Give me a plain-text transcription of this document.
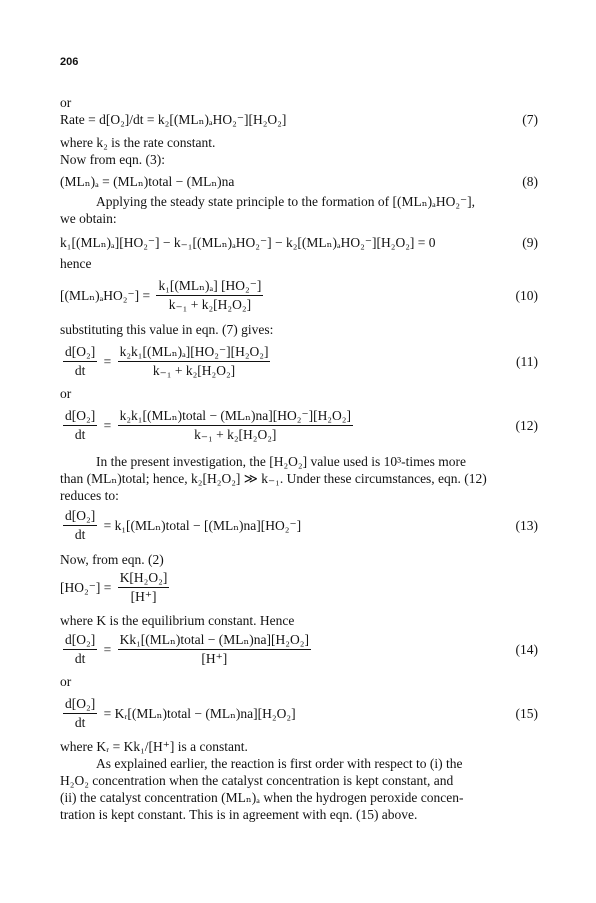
206
or
Rate = d[O₂]/dt = k₂[(MLₙ)ₐHO₂⁻][H₂O₂]	(7)
where k₂ is the rate constant.
Now from eqn. (3):
(MLₙ)ₐ = (MLₙ)total − (MLₙ)na	(8)
Applying the steady state principle to the formation of [(MLₙ)ₐHO₂⁻],
we obtain:
k₁[(MLₙ)ₐ][HO₂⁻] − k₋₁[(MLₙ)ₐHO₂⁻] − k₂[(MLₙ)ₐHO₂⁻][H₂O₂] = 0	(9)
hence
$[(ML_n)_aHO_2^-] = \frac{\text{k₁[(MLₙ)ₐ] [HO₂⁻]}}{\text{k₋₁ + k₂[H₂O₂]}}$	(10)
substituting this value in eqn. (7) gives:
$\frac{\text{d[O₂]}}{dt} = \frac{\text{k₂k₁[(MLₙ)ₐ][HO₂⁻][H₂O₂]}}{\text{k₋₁ + k₂[H₂O₂]}}$	(11)
or
$\frac{\text{d[O₂]}}{dt} = \frac{\text{k₂k₁[(MLₙ)total − (MLₙ)na][HO₂⁻][H₂O₂]}}{\text{k₋₁ + k₂[H₂O₂]}}$	(12)
In the present investigation, the [H₂O₂] value used is 10³-times more
than (MLₙ)total; hence, k₂[H₂O₂] ≫ k₋₁. Under these circumstances, eqn. (12)
reduces to:
$\frac{\text{d[O₂]}}{dt}$ = k₁[(MLₙ)total − [(MLₙ)na][HO₂⁻]	(13)
Now, from eqn. (2)
$[HO_2^-] = \frac{\text{K[H₂O₂]}}{[H^+]}$
where K is the equilibrium constant. Hence
$\frac{\text{d[O₂]}}{dt} = \frac{\text{Kk₁[(MLₙ)total − (MLₙ)na][H₂O₂]}}{[H^+]}$	(14)
or
$\frac{\text{d[O₂]}}{dt}$ = Kᵣ[(MLₙ)total − (MLₙ)na][H₂O₂]	(15)
where Kᵣ = Kk₁/[H⁺] is a constant.
As explained earlier, the reaction is first order with respect to (i) the
H₂O₂ concentration when the catalyst concentration is kept constant, and
(ii) the catalyst concentration (MLₙ)ₐ when the hydrogen peroxide concen-
tration is kept constant. This is in agreement with eqn. (15) above.
